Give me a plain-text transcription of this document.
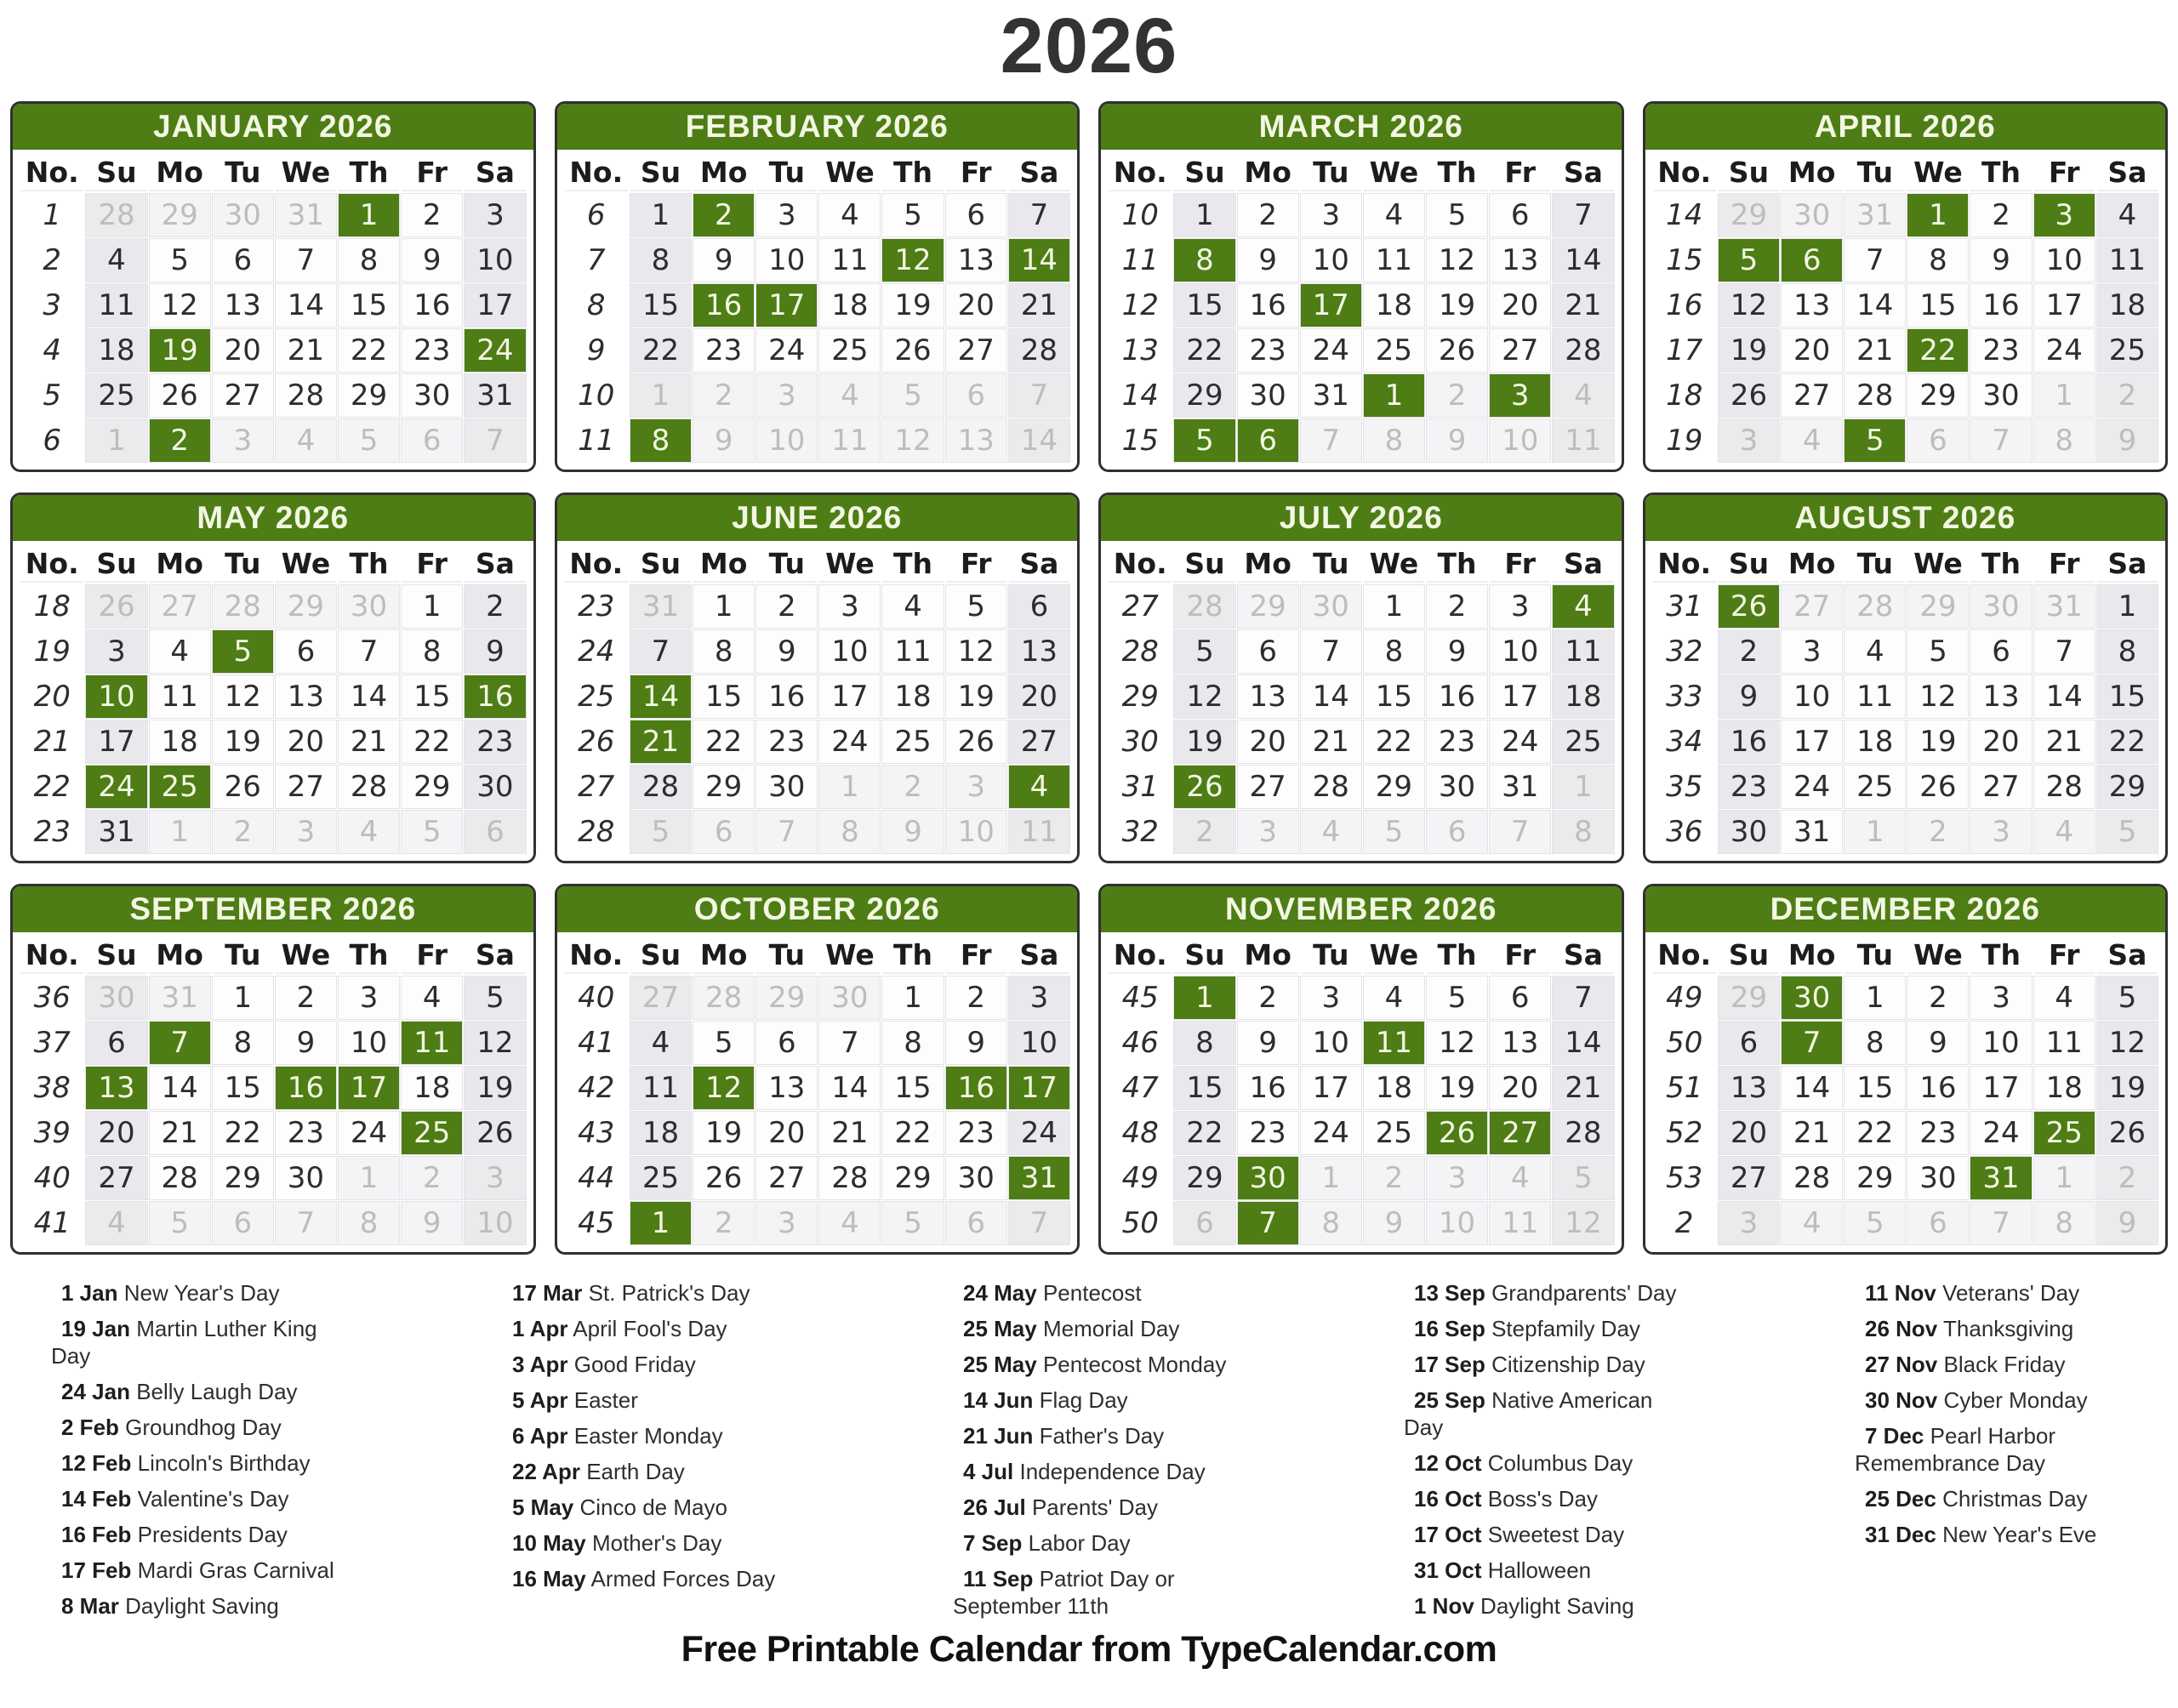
2026
JANUARY 2026
No.	Su	Mo	Tu	We	Th	Fr	Sa
1	28	29	30	31	1	2	3
2	4	5	6	7	8	9	10
3	11	12	13	14	15	16	17
4	18	19	20	21	22	23	24
5	25	26	27	28	29	30	31
6	1	2	3	4	5	6	7
FEBRUARY 2026
No.	Su	Mo	Tu	We	Th	Fr	Sa
6	1	2	3	4	5	6	7
7	8	9	10	11	12	13	14
8	15	16	17	18	19	20	21
9	22	23	24	25	26	27	28
10	1	2	3	4	5	6	7
11	8	9	10	11	12	13	14
MARCH 2026
No.	Su	Mo	Tu	We	Th	Fr	Sa
10	1	2	3	4	5	6	7
11	8	9	10	11	12	13	14
12	15	16	17	18	19	20	21
13	22	23	24	25	26	27	28
14	29	30	31	1	2	3	4
15	5	6	7	8	9	10	11
APRIL 2026
No.	Su	Mo	Tu	We	Th	Fr	Sa
14	29	30	31	1	2	3	4
15	5	6	7	8	9	10	11
16	12	13	14	15	16	17	18
17	19	20	21	22	23	24	25
18	26	27	28	29	30	1	2
19	3	4	5	6	7	8	9
MAY 2026
No.	Su	Mo	Tu	We	Th	Fr	Sa
18	26	27	28	29	30	1	2
19	3	4	5	6	7	8	9
20	10	11	12	13	14	15	16
21	17	18	19	20	21	22	23
22	24	25	26	27	28	29	30
23	31	1	2	3	4	5	6
JUNE 2026
No.	Su	Mo	Tu	We	Th	Fr	Sa
23	31	1	2	3	4	5	6
24	7	8	9	10	11	12	13
25	14	15	16	17	18	19	20
26	21	22	23	24	25	26	27
27	28	29	30	1	2	3	4
28	5	6	7	8	9	10	11
JULY 2026
No.	Su	Mo	Tu	We	Th	Fr	Sa
27	28	29	30	1	2	3	4
28	5	6	7	8	9	10	11
29	12	13	14	15	16	17	18
30	19	20	21	22	23	24	25
31	26	27	28	29	30	31	1
32	2	3	4	5	6	7	8
AUGUST 2026
No.	Su	Mo	Tu	We	Th	Fr	Sa
31	26	27	28	29	30	31	1
32	2	3	4	5	6	7	8
33	9	10	11	12	13	14	15
34	16	17	18	19	20	21	22
35	23	24	25	26	27	28	29
36	30	31	1	2	3	4	5
SEPTEMBER 2026
No.	Su	Mo	Tu	We	Th	Fr	Sa
36	30	31	1	2	3	4	5
37	6	7	8	9	10	11	12
38	13	14	15	16	17	18	19
39	20	21	22	23	24	25	26
40	27	28	29	30	1	2	3
41	4	5	6	7	8	9	10
OCTOBER 2026
No.	Su	Mo	Tu	We	Th	Fr	Sa
40	27	28	29	30	1	2	3
41	4	5	6	7	8	9	10
42	11	12	13	14	15	16	17
43	18	19	20	21	22	23	24
44	25	26	27	28	29	30	31
45	1	2	3	4	5	6	7
NOVEMBER 2026
No.	Su	Mo	Tu	We	Th	Fr	Sa
45	1	2	3	4	5	6	7
46	8	9	10	11	12	13	14
47	15	16	17	18	19	20	21
48	22	23	24	25	26	27	28
49	29	30	1	2	3	4	5
50	6	7	8	9	10	11	12
DECEMBER 2026
No.	Su	Mo	Tu	We	Th	Fr	Sa
49	29	30	1	2	3	4	5
50	6	7	8	9	10	11	12
51	13	14	15	16	17	18	19
52	20	21	22	23	24	25	26
53	27	28	29	30	31	1	2
2	3	4	5	6	7	8	9

1 Jan New Year's Day

19 Jan Martin Luther King Day

24 Jan Belly Laugh Day

2 Feb Groundhog Day

12 Feb Lincoln's Birthday

14 Feb Valentine's Day

16 Feb Presidents Day

17 Feb Mardi Gras Carnival

8 Mar Daylight Saving

17 Mar St. Patrick's Day

1 Apr April Fool's Day

3 Apr Good Friday

5 Apr Easter

6 Apr Easter Monday

22 Apr Earth Day

5 May Cinco de Mayo

10 May Mother's Day

16 May Armed Forces Day

24 May Pentecost

25 May Memorial Day

25 May Pentecost Monday

14 Jun Flag Day

21 Jun Father's Day

4 Jul Independence Day

26 Jul Parents' Day

7 Sep Labor Day

11 Sep Patriot Day or September 11th

13 Sep Grandparents' Day

16 Sep Stepfamily Day

17 Sep Citizenship Day

25 Sep Native American Day

12 Oct Columbus Day

16 Oct Boss's Day

17 Oct Sweetest Day

31 Oct Halloween

1 Nov Daylight Saving

11 Nov Veterans' Day

26 Nov Thanksgiving

27 Nov Black Friday

30 Nov Cyber Monday

7 Dec Pearl Harbor Remembrance Day

25 Dec Christmas Day

31 Dec New Year's Eve

Free Printable Calendar from TypeCalendar.com
